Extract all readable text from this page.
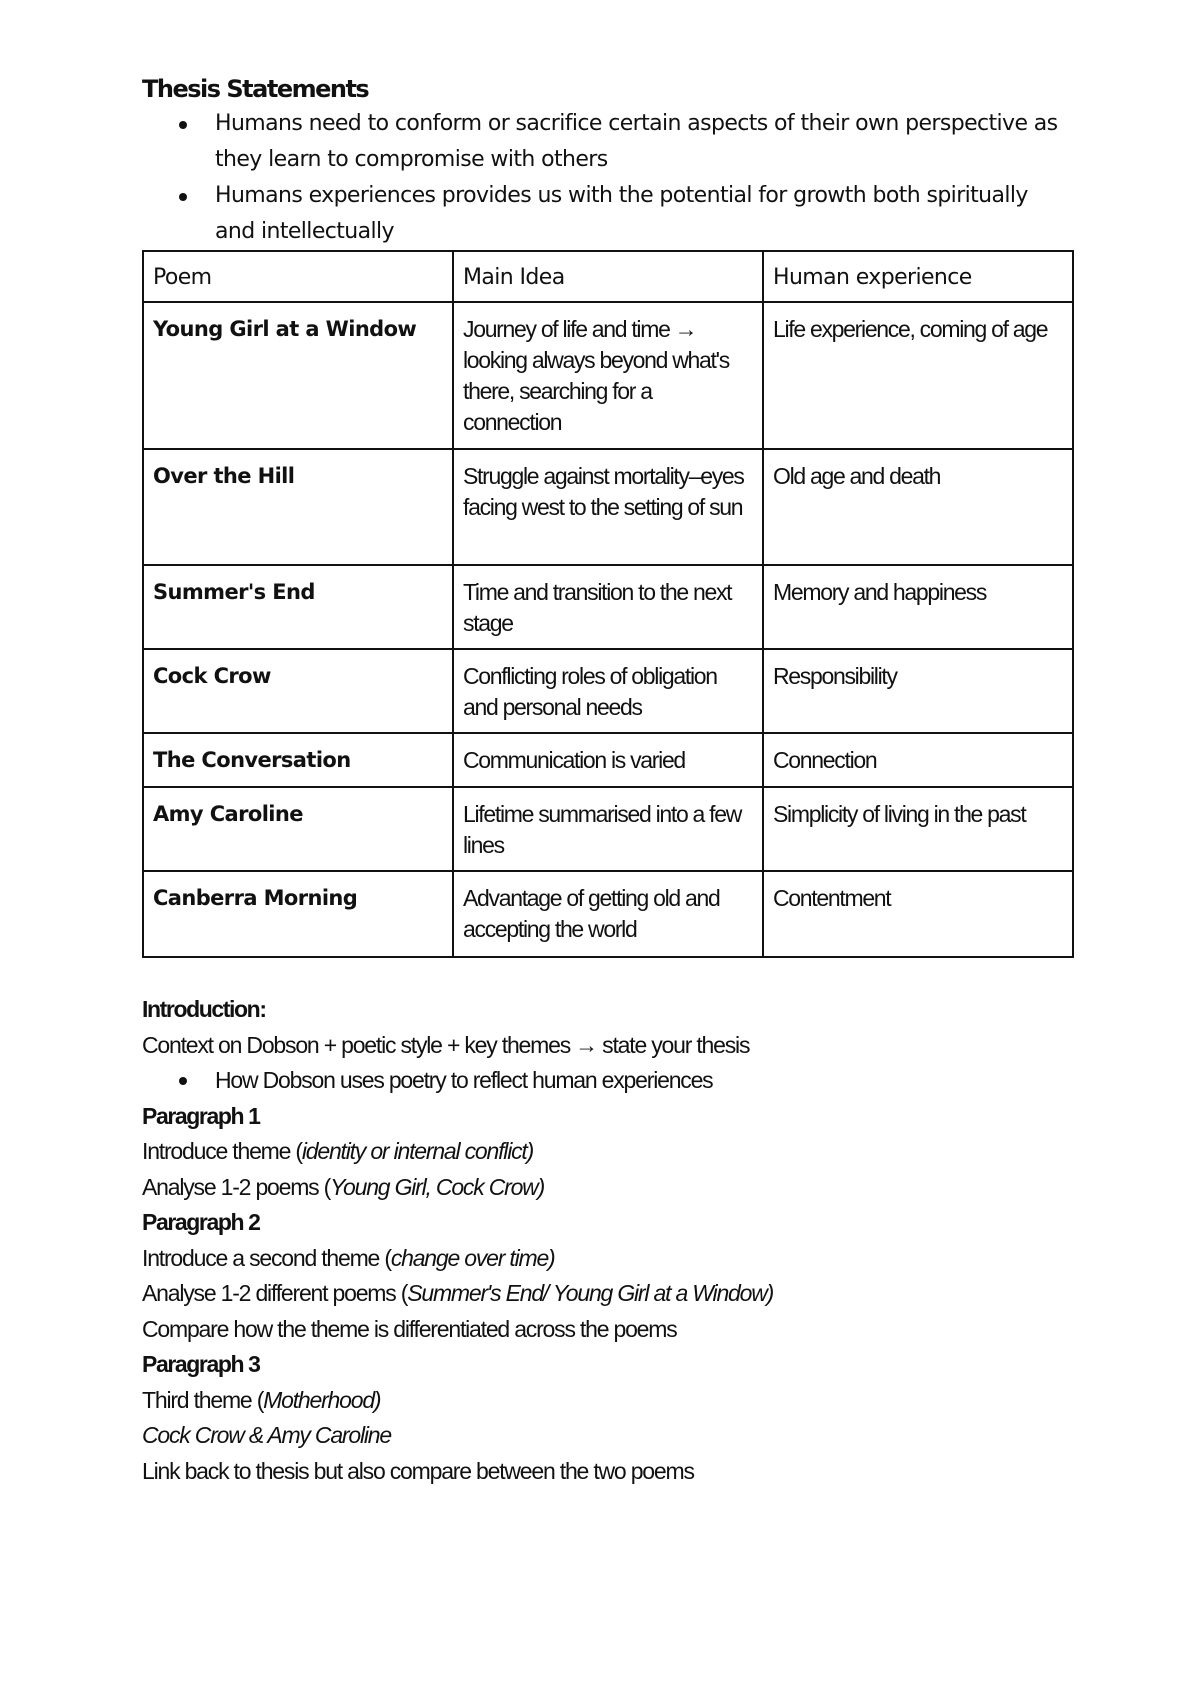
Thesis Statements
Humans need to conform or sacrifice certain aspects of their own perspective as they learn to compromise with others
Humans experiences provides us with the potential for growth both spiritually and intellectually
Poem	Main Idea	Human experience
Young Girl at a Window	Journey of life and time → looking always beyond what's there, searching for a connection	Life experience, coming of age
Over the Hill	Struggle against mortality–eyes facing west to the setting of sun	Old age and death
Summer's End	Time and transition to the next stage	Memory and happiness
Cock Crow	Conflicting roles of obligation and personal needs	Responsibility
The Conversation	Communication is varied	Connection
Amy Caroline	Lifetime summarised into a few lines	Simplicity of living in the past
Canberra Morning	Advantage of getting old and accepting the world	Contentment
Introduction:
Context on Dobson + poetic style + key themes → state your thesis
How Dobson uses poetry to reflect human experiences
Paragraph 1
Introduce theme (identity or internal conflict)
Analyse 1-2 poems (Young Girl, Cock Crow)
Paragraph 2
Introduce a second theme (change over time)
Analyse 1-2 different poems (Summer's End/ Young Girl at a Window)
Compare how the theme is differentiated across the poems
Paragraph 3
Third theme (Motherhood)
Cock Crow & Amy Caroline
Link back to thesis but also compare between the two poems
